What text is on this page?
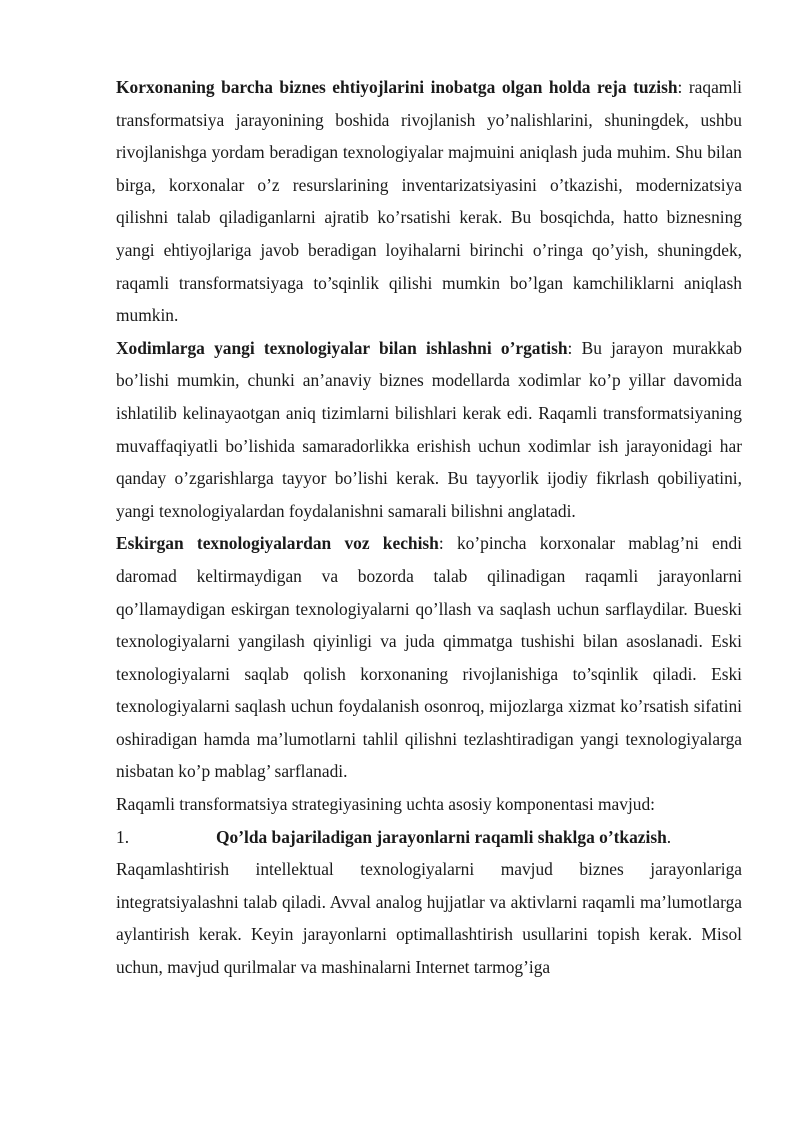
Korxonaning barcha biznes ehtiyojlarini inobatga olgan holda reja tuzish: raqamli transformatsiya jarayonining boshida rivojlanish yo’nalishlarini, shuningdek, ushbu rivojlanishga yordam beradigan texnologiyalar majmuini aniqlash juda muhim. Shu bilan birga, korxonalar o’z resurslarining inventarizatsiyasini o’tkazishi, modernizatsiya qilishni talab qiladiganlarni ajratib ko’rsatishi kerak. Bu bosqichda, hatto biznesning yangi ehtiyojlariga javob beradigan loyihalarni birinchi o’ringa qo’yish, shuningdek, raqamli transformatsiyaga to’sqinlik qilishi mumkin bo’lgan kamchiliklarni aniqlash mumkin.

Xodimlarga yangi texnologiyalar bilan ishlashni o’rgatish: Bu jarayon murakkab bo’lishi mumkin, chunki an’anaviy biznes modellarda xodimlar ko’p yillar davomida ishlatilib kelinayaotgan aniq tizimlarni bilishlari kerak edi. Raqamli transformatsiyaning muvaffaqiyatli bo’lishida samaradorlikka erishish uchun xodimlar ish jarayonidagi har qanday o’zgarishlarga tayyor bo’lishi kerak. Bu tayyorlik ijodiy fikrlash qobiliyatini, yangi texnologiyalardan foydalanishni samarali bilishni anglatadi.

Eskirgan texnologiyalardan voz kechish: ko’pincha korxonalar mablag’ni endi daromad keltirmaydigan va bozorda talab qilinadigan raqamli jarayonlarni qo’llamaydigan eskirgan texnologiyalarni qo’llash va saqlash uchun sarflaydilar. Bueski texnologiyalarni yangilash qiyinligi va juda qimmatga tushishi bilan asoslanadi. Eski texnologiyalarni saqlab qolish korxonaning rivojlanishiga to’sqinlik qiladi. Eski texnologiyalarni saqlash uchun foydalanish osonroq, mijozlarga xizmat ko’rsatish sifatini oshiradigan hamda ma’lumotlarni tahlil qilishni tezlashtiradigan yangi texnologiyalarga nisbatan ko’p mablag’ sarflanadi.

Raqamli transformatsiya strategiyasining uchta asosiy komponentasi mavjud:

1.	Qo’lda bajariladigan jarayonlarni raqamli shaklga o’tkazish.

Raqamlashtirish intellektual texnologiyalarni mavjud biznes jarayonlariga integratsiyalashni talab qiladi. Avval analog hujjatlar va aktivlarni raqamli ma’lumotlarga aylantirish kerak. Keyin jarayonlarni optimallashtirish usullarini topish kerak. Misol uchun, mavjud qurilmalar va mashinalarni Internet tarmog’iga
